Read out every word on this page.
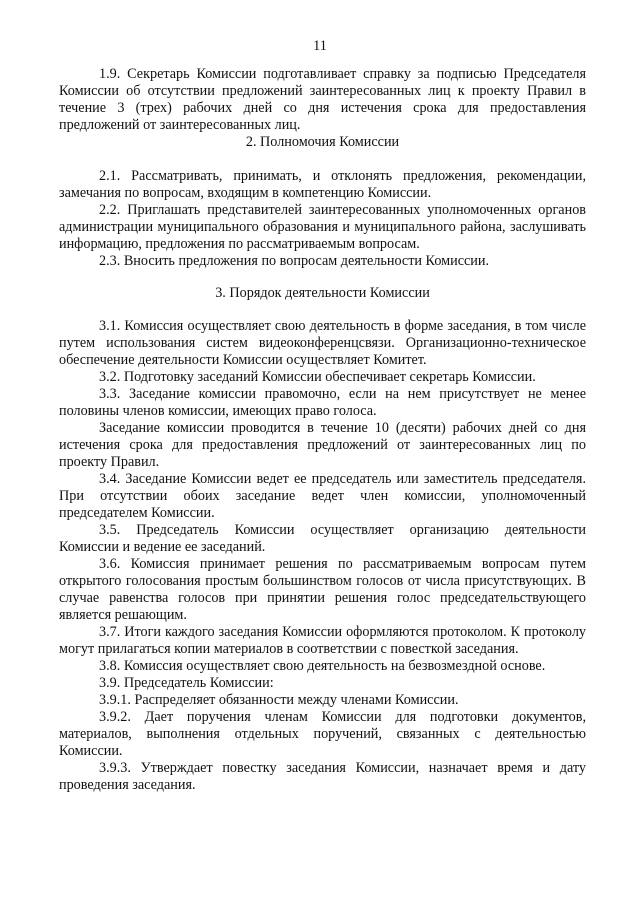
11

1.9. Секретарь Комиссии подготавливает справку за подписью Председателя Комиссии об отсутствии предложений заинтересованных лиц к проекту Правил в течение 3 (трех) рабочих дней со дня истечения срока для предоставления предложений от заинтересованных лиц.

2. Полномочия Комиссии

2.1. Рассматривать, принимать, и отклонять предложения, рекомендации, замечания по вопросам, входящим в компетенцию Комиссии.

2.2. Приглашать представителей заинтересованных уполномоченных органов администрации муниципального образования и муниципального района, заслушивать информацию, предложения по рассматриваемым вопросам.

2.3. Вносить предложения по вопросам деятельности Комиссии.

3. Порядок деятельности Комиссии

3.1. Комиссия осуществляет свою деятельность в форме заседания, в том числе путем использования систем видеоконференцсвязи. Организационно-техническое обеспечение деятельности Комиссии осуществляет Комитет.

3.2. Подготовку заседаний Комиссии обеспечивает секретарь Комиссии.

3.3. Заседание комиссии правомочно, если на нем присутствует не менее половины членов комиссии, имеющих право голоса.

Заседание комиссии проводится в течение 10 (десяти) рабочих дней со дня истечения срока для предоставления предложений от заинтересованных лиц по проекту Правил.

3.4. Заседание Комиссии ведет ее председатель или заместитель председателя. При отсутствии обоих заседание ведет член комиссии, уполномоченный председателем Комиссии.

3.5. Председатель Комиссии осуществляет организацию деятельности Комиссии и ведение ее заседаний.

3.6. Комиссия принимает решения по рассматриваемым вопросам путем открытого голосования простым большинством голосов от числа присутствующих. В случае равенства голосов при принятии решения голос председательствующего является решающим.

3.7. Итоги каждого заседания Комиссии оформляются протоколом. К протоколу могут прилагаться копии материалов в соответствии с повесткой заседания.

3.8. Комиссия осуществляет свою деятельность на безвозмездной основе.

3.9. Председатель Комиссии:

3.9.1. Распределяет обязанности между членами Комиссии.

3.9.2. Дает поручения членам Комиссии для подготовки документов, материалов, выполнения отдельных поручений, связанных с деятельностью Комиссии.

3.9.3. Утверждает повестку заседания Комиссии, назначает время и дату проведения заседания.
